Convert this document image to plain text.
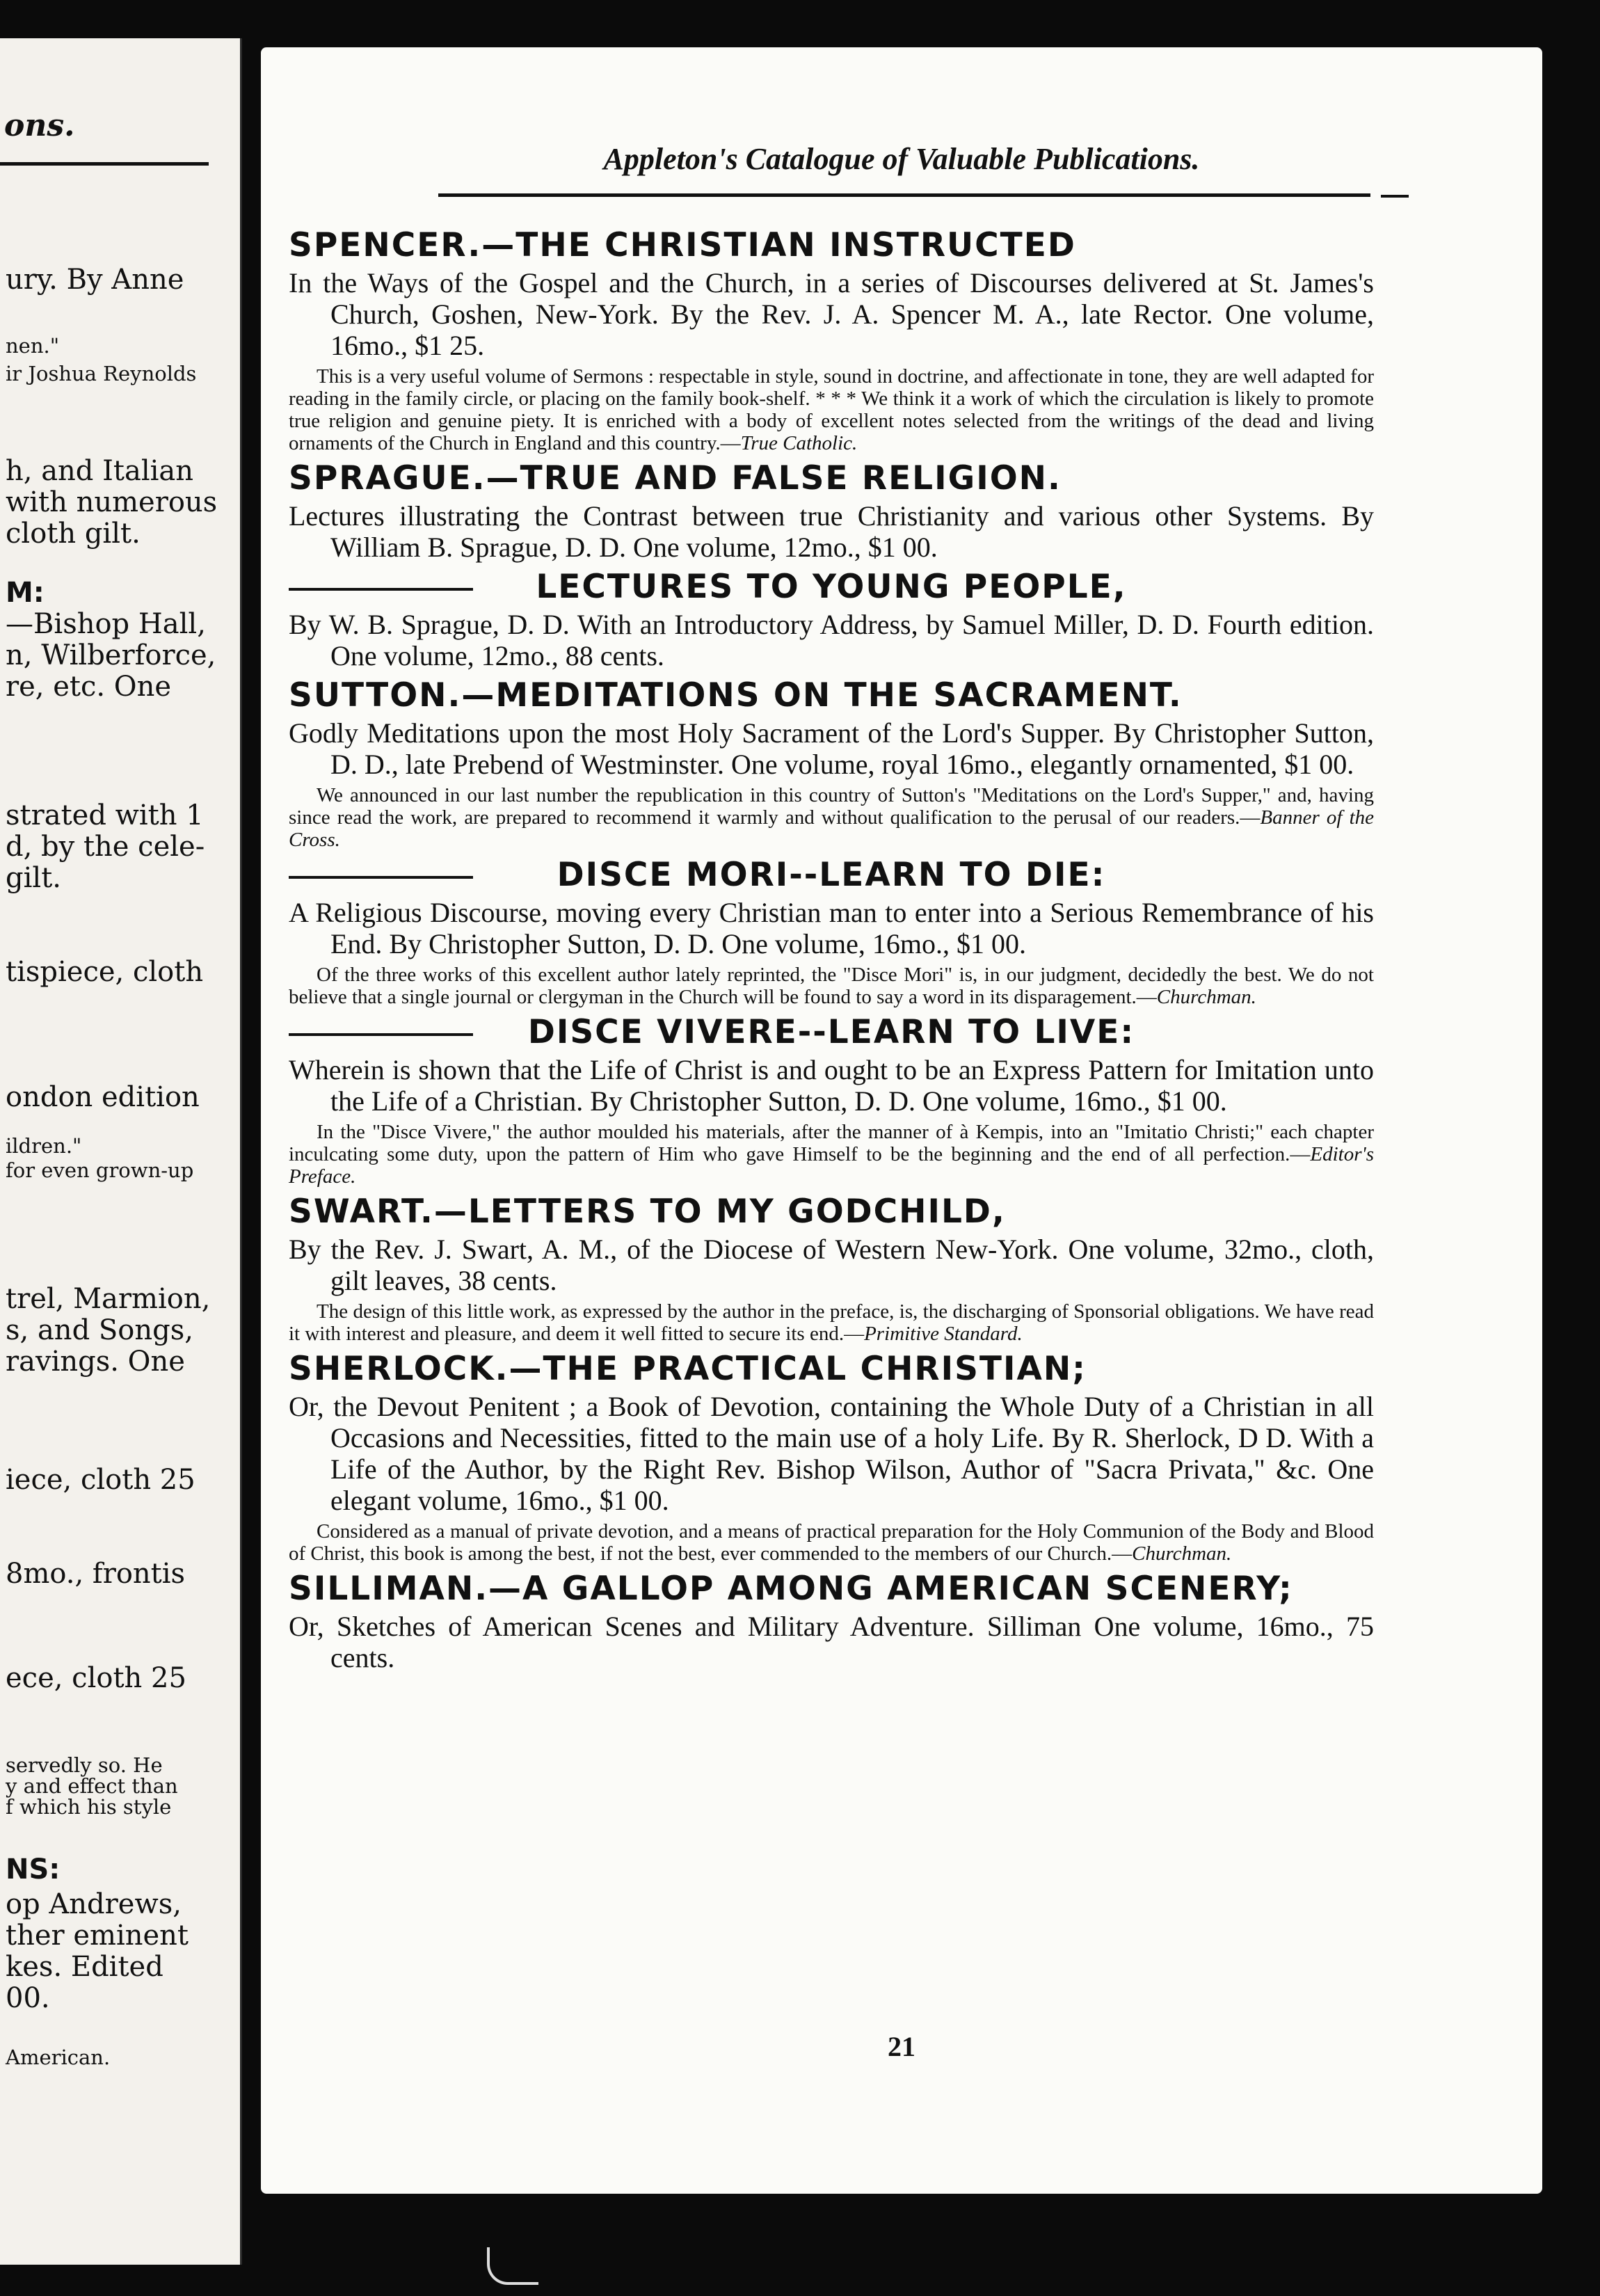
ons.
ury. By Anne
nen."
ir Joshua Reynolds
h, and Italian
with numerous
cloth gilt.
M:
—Bishop Hall,
n, Wilberforce,
re, etc. One
strated with 1
d, by the cele-
gilt.
tispiece, cloth
ondon edition
ildren."
for even grown-up
trel, Marmion,
s, and Songs,
ravings. One
iece, cloth 25
8mo., frontis
ece, cloth 25
servedly so. He
y and effect than
f which his style
NS:
op Andrews,
ther eminent
kes. Edited
00.
American.
Appleton's Catalogue of Valuable Publications.
SPENCER.—THE CHRISTIAN INSTRUCTED
In the Ways of the Gospel and the Church, in a series of Discourses delivered at St. James's Church, Goshen, New-York. By the Rev. J. A. Spencer M. A., late Rector. One volume, 16mo., $1 25.
This is a very useful volume of Sermons : respectable in style, sound in doctrine, and affectionate in tone, they are well adapted for reading in the family circle, or placing on the family book-shelf. * * * We think it a work of which the circulation is likely to promote true religion and genuine piety. It is enriched with a body of excellent notes selected from the writings of the dead and living ornaments of the Church in England and this country.—True Catholic.
SPRAGUE.—TRUE AND FALSE RELIGION.
Lectures illustrating the Contrast between true Christianity and various other Systems. By William B. Sprague, D. D. One volume, 12mo., $1 00.
LECTURES TO YOUNG PEOPLE,
By W. B. Sprague, D. D. With an Introductory Address, by Samuel Miller, D. D. Fourth edition. One volume, 12mo., 88 cents.
SUTTON.—MEDITATIONS ON THE SACRAMENT.
Godly Meditations upon the most Holy Sacrament of the Lord's Supper. By Christopher Sutton, D. D., late Prebend of Westminster. One volume, royal 16mo., elegantly ornamented, $1 00.
We announced in our last number the republication in this country of Sutton's "Meditations on the Lord's Supper," and, having since read the work, are prepared to recommend it warmly and without qualification to the perusal of our readers.—Banner of the Cross.
DISCE MORI--LEARN TO DIE:
A Religious Discourse, moving every Christian man to enter into a Serious Remembrance of his End. By Christopher Sutton, D. D. One volume, 16mo., $1 00.
Of the three works of this excellent author lately reprinted, the "Disce Mori" is, in our judgment, decidedly the best. We do not believe that a single journal or clergyman in the Church will be found to say a word in its disparagement.—Churchman.
DISCE VIVERE--LEARN TO LIVE:
Wherein is shown that the Life of Christ is and ought to be an Express Pattern for Imitation unto the Life of a Christian. By Christopher Sutton, D. D. One volume, 16mo., $1 00.
In the "Disce Vivere," the author moulded his materials, after the manner of à Kempis, into an "Imitatio Christi;" each chapter inculcating some duty, upon the pattern of Him who gave Himself to be the beginning and the end of all perfection.—Editor's Preface.
SWART.—LETTERS TO MY GODCHILD,
By the Rev. J. Swart, A. M., of the Diocese of Western New-York. One volume, 32mo., cloth, gilt leaves, 38 cents.
The design of this little work, as expressed by the author in the preface, is, the discharging of Sponsorial obligations. We have read it with interest and pleasure, and deem it well fitted to secure its end.—Primitive Standard.
SHERLOCK.—THE PRACTICAL CHRISTIAN;
Or, the Devout Penitent ; a Book of Devotion, containing the Whole Duty of a Christian in all Occasions and Necessities, fitted to the main use of a holy Life. By R. Sherlock, D D. With a Life of the Author, by the Right Rev. Bishop Wilson, Author of "Sacra Privata," &c. One elegant volume, 16mo., $1 00.
Considered as a manual of private devotion, and a means of practical preparation for the Holy Communion of the Body and Blood of Christ, this book is among the best, if not the best, ever commended to the members of our Church.—Churchman.
SILLIMAN.—A GALLOP AMONG AMERICAN SCENERY;
Or, Sketches of American Scenes and Military Adventure. Silliman One volume, 16mo., 75 cents.
21
